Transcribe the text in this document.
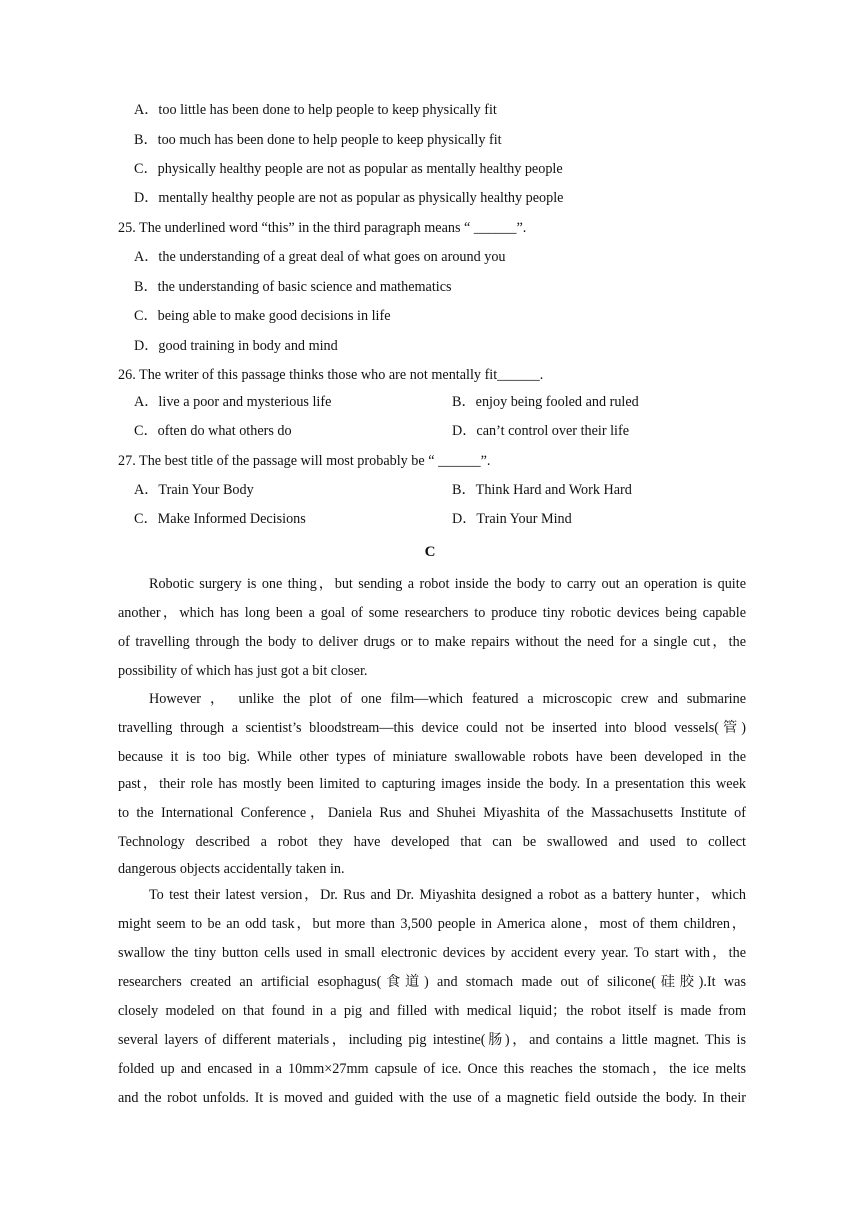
A．too little has been done to help people to keep physically fit
B．too much has been done to help people to keep physically fit
C．physically healthy people are not as popular as mentally healthy people
D．mentally healthy people are not as popular as physically healthy people
25. The underlined word “this” in the third paragraph means “ ______”.
A．the understanding of a great deal of what goes on around you
B．the understanding of basic science and mathematics
C．being able to make good decisions in life
D．good training in body and mind
26. The writer of this passage thinks those who are not mentally fit______.
A．live a poor and mysterious life	B．enjoy being fooled and ruled
C．often do what others do	D．can’t control over their life
27. The best title of the passage will most probably be “ ______”.
A．Train Your Body	B．Think Hard and Work Hard
C．Make Informed Decisions	D．Train Your Mind
C
Robotic surgery is one thing，but sending a robot inside the body to carry out an operation is quite
another，which has long been a goal of some researchers to produce tiny robotic devices being capable
of travelling through the body to deliver drugs or to make repairs without the need for a single cut，the
possibility of which has just got a bit closer.
However ， unlike the plot of one film—which featured a microscopic crew and submarine
travelling through a scientist’s bloodstream—this device could not be inserted into blood vessels(管)
because it is too big. While other types of miniature swallowable robots have been developed in the
past，their role has mostly been limited to capturing images inside the body. In a presentation this week
to the International Conference，Daniela Rus and Shuhei Miyashita of the Massachusetts Institute of
Technology described a robot they have developed that can be swallowed and used to collect
dangerous objects accidentally taken in.
To test their latest version，Dr. Rus and Dr. Miyashita designed a robot as a battery hunter，which
might seem to be an odd task，but more than 3,500 people in America alone，most of them children，
swallow the tiny button cells used in small electronic devices by accident every year. To start with，the
researchers created an artificial esophagus(食道) and stomach made out of silicone(硅胶).It was
closely modeled on that found in a pig and filled with medical liquid；the robot itself is made from
several layers of different materials，including pig intestine(肠)，and contains a little magnet. This is
folded up and encased in a 10mm×27mm capsule of ice. Once this reaches the stomach，the ice melts
and the robot unfolds. It is moved and guided with the use of a magnetic field outside the body. In their
